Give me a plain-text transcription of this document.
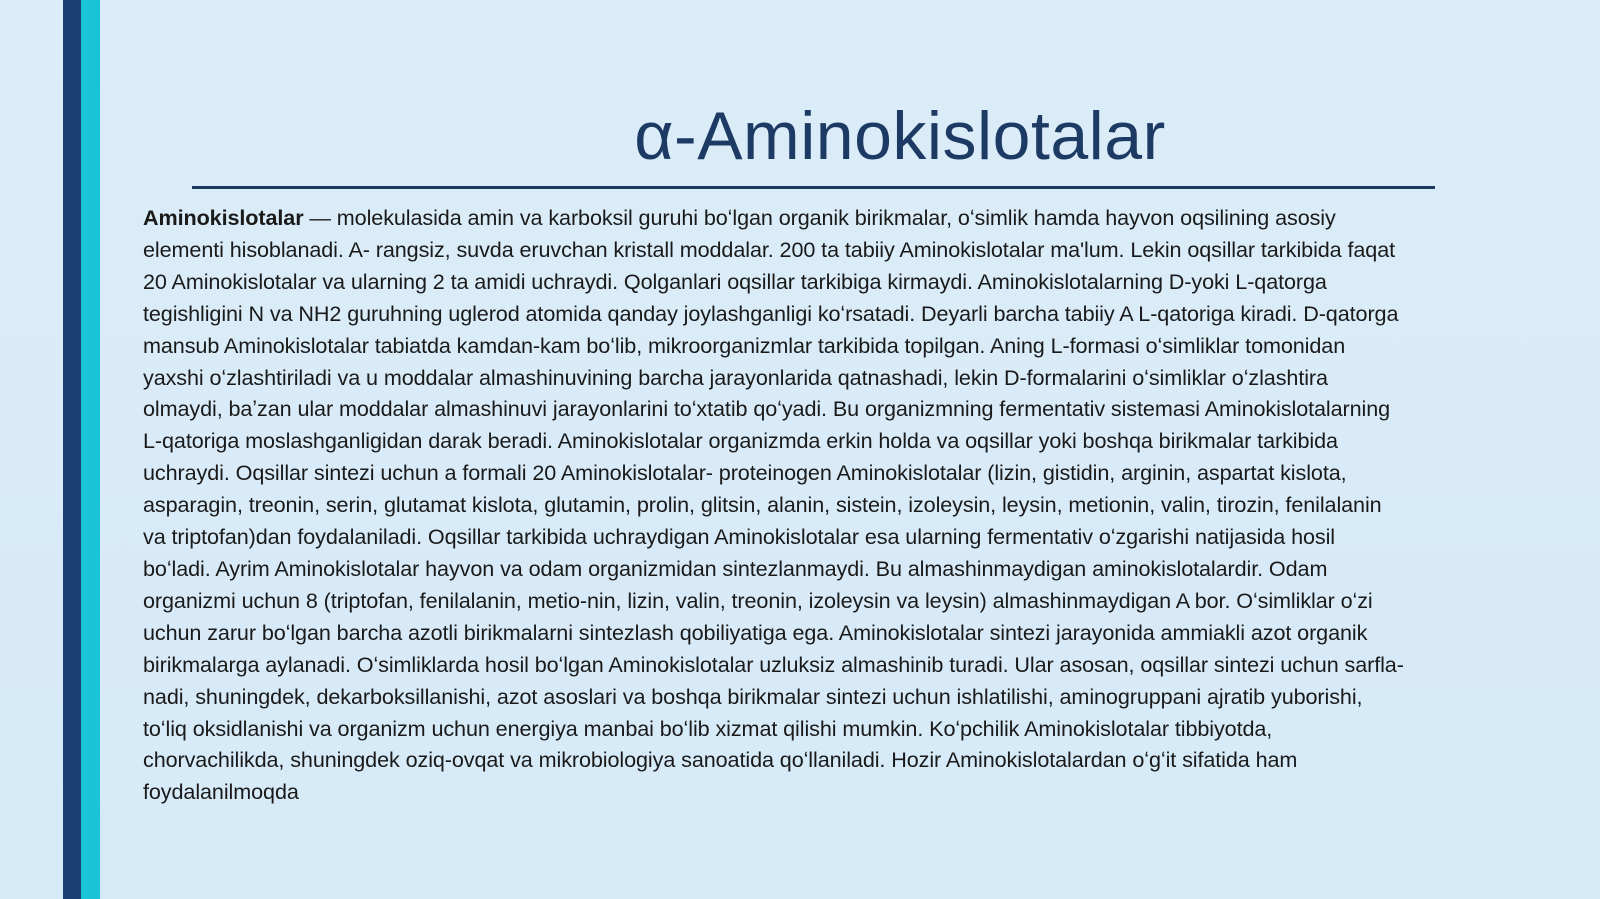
α-Aminokislotalar
Aminokislotalar — molekulasida amin va karboksil guruhi boʻlgan organik birikmalar, oʻsimlik hamda hayvon oqsilining asosiy
elementi hisoblanadi. A- rangsiz, suvda eruvchan kristall moddalar. 200 ta tabiiy Aminokislotalar ma'lum. Lekin oqsillar tarkibida faqat
20 Aminokislotalar va ularning 2 ta amidi uchraydi. Qolganlari oqsillar tarkibiga kirmaydi. Aminokislotalarning D-yoki L-qatorga
tegishligini N va NH2 guruhning uglerod atomida qanday joylashganligi koʻrsatadi. Deyarli barcha tabiiy A L-qatoriga kiradi. D-qatorga
mansub Aminokislotalar tabiatda kamdan-kam boʻlib, mikroorganizmlar tarkibida topilgan. Aning L-formasi oʻsimliklar tomonidan
yaxshi oʻzlashtiriladi va u moddalar almashinuvining barcha jarayonlarida qatnashadi, lekin D-formalarini oʻsimliklar oʻzlashtira
olmaydi, baʼzan ular moddalar almashinuvi jarayonlarini toʻxtatib qoʻyadi. Bu organizmning fermentativ sistemasi Aminokislotalarning
L-qatoriga moslashganligidan darak beradi. Aminokislotalar organizmda erkin holda va oqsillar yoki boshqa birikmalar tarkibida
uchraydi. Oqsillar sintezi uchun a formali 20 Aminokislotalar- proteinogen Aminokislotalar (lizin, gistidin, arginin, aspartat kislota,
asparagin, treonin, serin, glutamat kislota, glutamin, prolin, glitsin, alanin, sistein, izoleysin, leysin, metionin, valin, tirozin, fenilalanin
va triptofan)dan foydalaniladi. Oqsillar tarkibida uchraydigan Aminokislotalar esa ularning fermentativ oʻzgarishi natijasida hosil
boʻladi. Ayrim Aminokislotalar hayvon va odam organizmidan sintezlanmaydi. Bu almashinmaydigan aminokislotalardir. Odam
organizmi uchun 8 (triptofan, fenilalanin, metio-nin, lizin, valin, treonin, izoleysin va leysin) almashinmaydigan A bor. Oʻsimliklar oʻzi
uchun zarur boʻlgan barcha azotli birikmalarni sintezlash qobiliyatiga ega. Aminokislotalar sintezi jarayonida ammiakli azot organik
birikmalarga aylanadi. Oʻsimliklarda hosil boʻlgan Aminokislotalar uzluksiz almashinib turadi. Ular asosan, oqsillar sintezi uchun sarfla-
nadi, shuningdek, dekarboksillanishi, azot asoslari va boshqa birikmalar sintezi uchun ishlatilishi, aminogruppani ajratib yuborishi,
toʻliq oksidlanishi va organizm uchun energiya manbai boʻlib xizmat qilishi mumkin. Koʻpchilik Aminokislotalar tibbiyotda,
chorvachilikda, shuningdek oziq-ovqat va mikrobiologiya sanoatida qoʻllaniladi. Hozir Aminokislotalardan oʻgʻit sifatida ham
foydalanilmoqda
